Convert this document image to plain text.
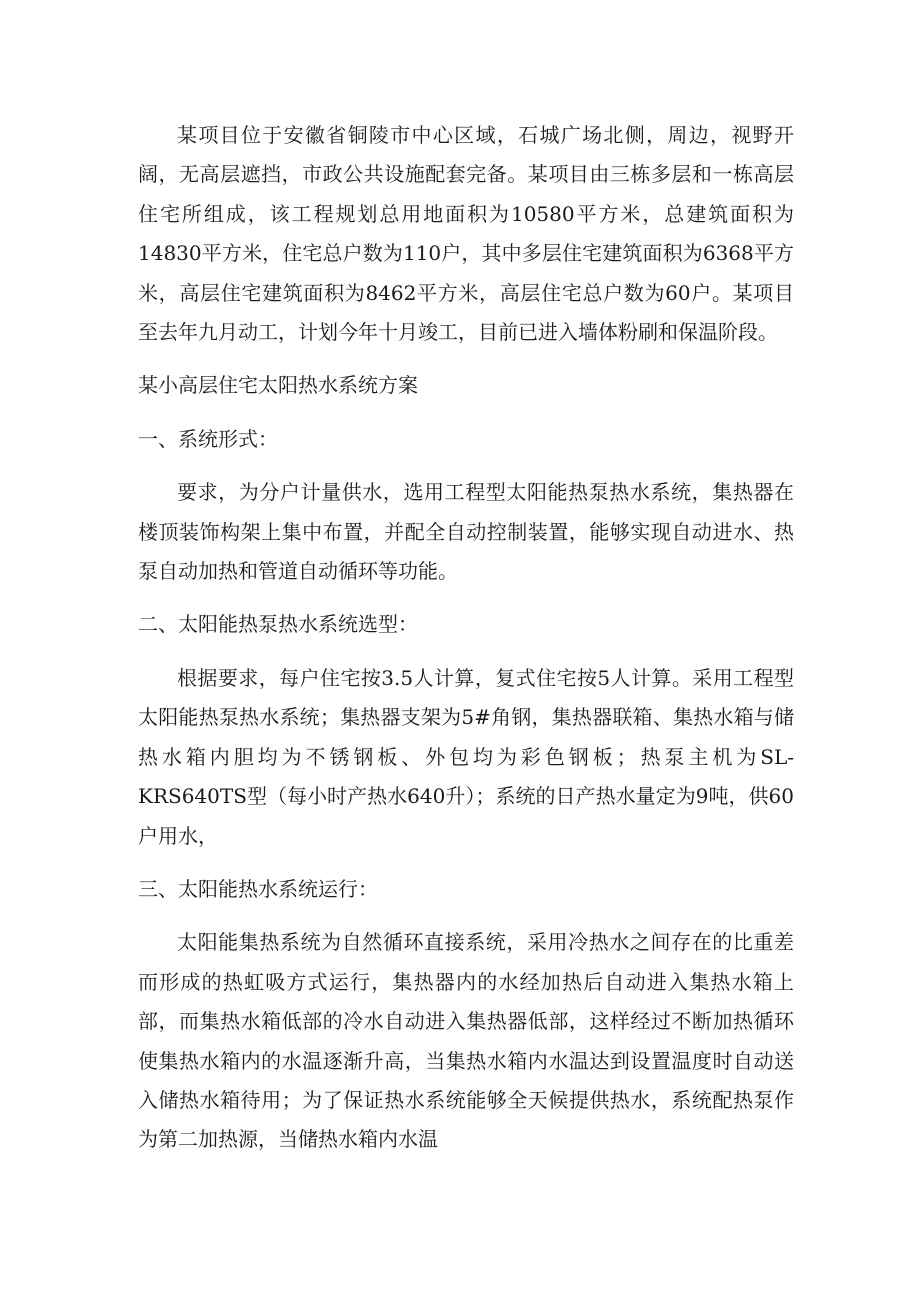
某项目位于安徽省铜陵市中心区域，石城广场北侧，周边，视野开阔，无高层遮挡，市政公共设施配套完备。某项目由三栋多层和一栋高层住宅所组成，该工程规划总用地面积为10580平方米，总建筑面积为14830平方米，住宅总户数为110户，其中多层住宅建筑面积为6368平方米，高层住宅建筑面积为8462平方米，高层住宅总户数为60户。某项目至去年九月动工，计划今年十月竣工，目前已进入墙体粉刷和保温阶段。

某小高层住宅太阳热水系统方案

一、系统形式：

要求，为分户计量供水，选用工程型太阳能热泵热水系统，集热器在楼顶装饰构架上集中布置，并配全自动控制装置，能够实现自动进水、热泵自动加热和管道自动循环等功能。

二、太阳能热泵热水系统选型：

根据要求，每户住宅按3.5人计算，复式住宅按5人计算。采用工程型太阳能热泵热水系统；集热器支架为5#角钢，集热器联箱、集热水箱与储热水箱内胆均为不锈钢板、外包均为彩色钢板；热泵主机为SL-KRS640TS型（每小时产热水640升）；系统的日产热水量定为9吨，供60户用水，

三、太阳能热水系统运行：

太阳能集热系统为自然循环直接系统，采用冷热水之间存在的比重差而形成的热虹吸方式运行，集热器内的水经加热后自动进入集热水箱上部，而集热水箱低部的冷水自动进入集热器低部，这样经过不断加热循环使集热水箱内的水温逐渐升高，当集热水箱内水温达到设置温度时自动送入储热水箱待用；为了保证热水系统能够全天候提供热水，系统配热泵作为第二加热源，当储热水箱内水温
